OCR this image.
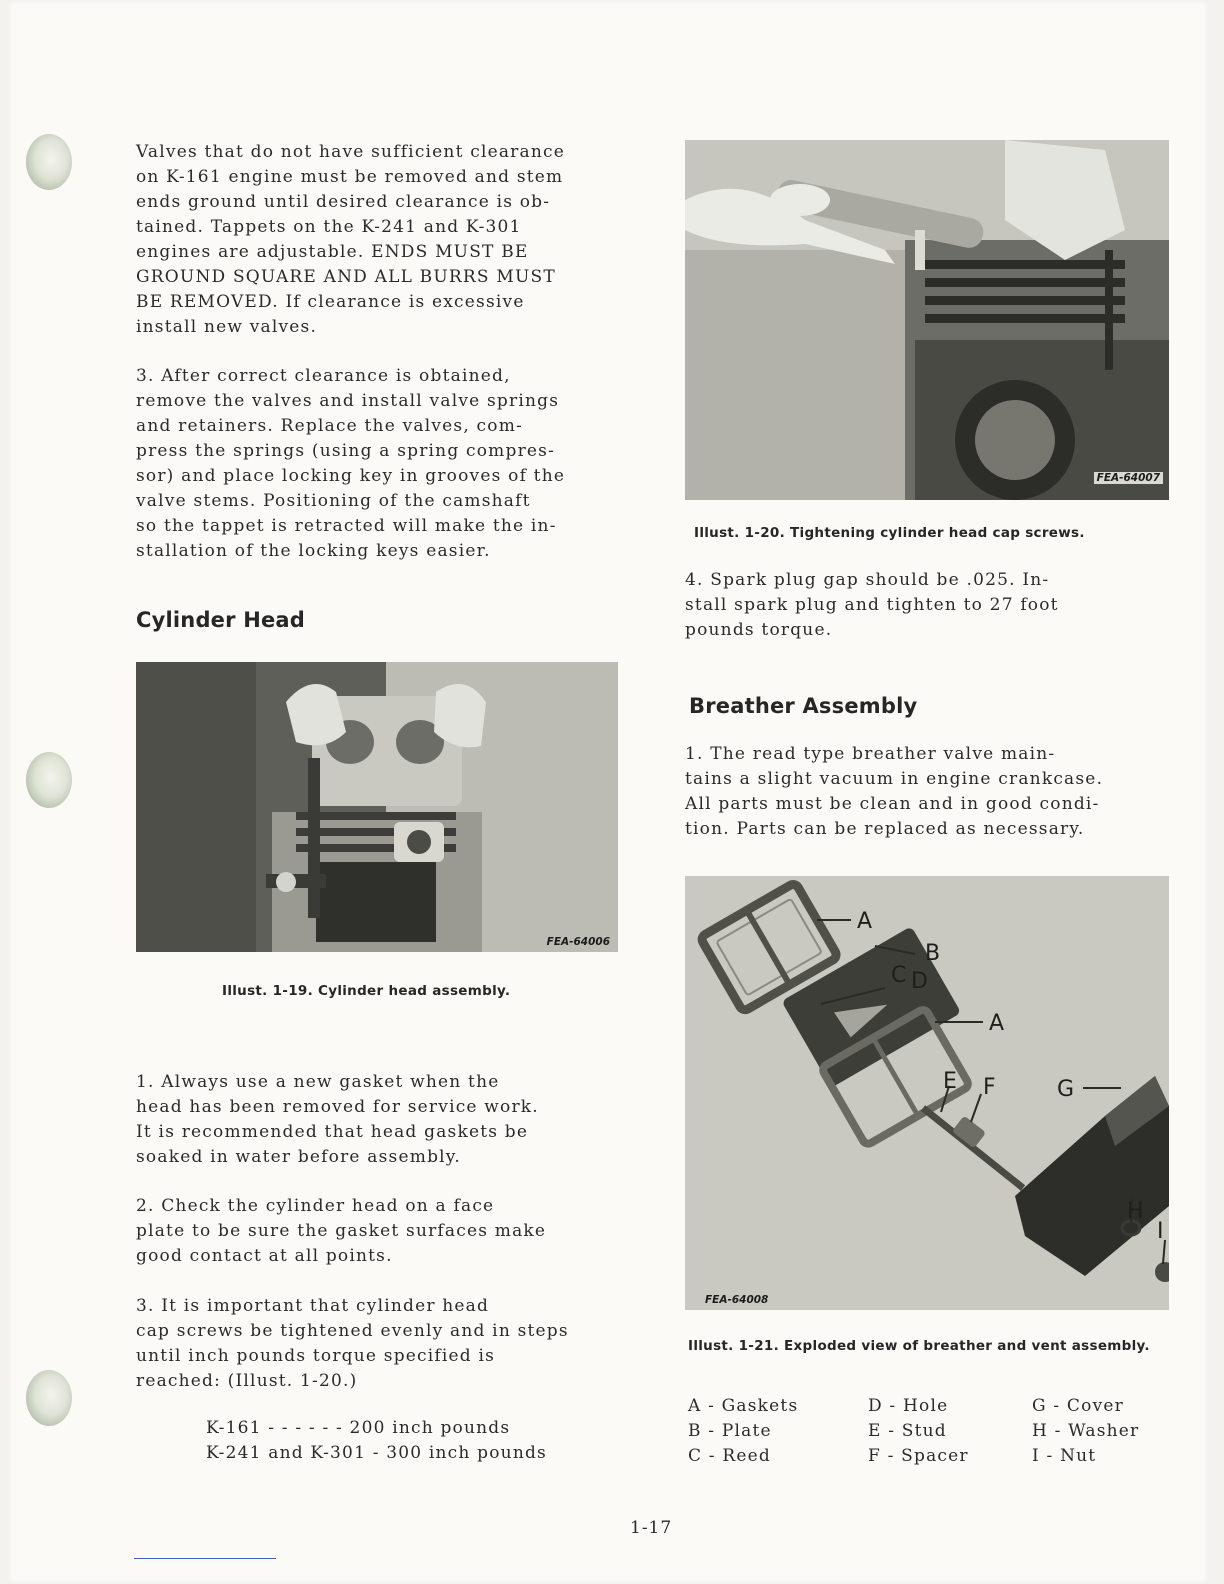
Valves that do not have sufficient clearance
on K-161 engine must be removed and stem
ends ground until desired clearance is ob-
tained. Tappets on the K-241 and K-301
engines are adjustable. ENDS MUST BE
GROUND SQUARE AND ALL BURRS MUST
BE REMOVED. If clearance is excessive
install new valves.

3. After correct clearance is obtained,
remove the valves and install valve springs
and retainers. Replace the valves, com-
press the springs (using a spring compres-
sor) and place locking key in grooves of the
valve stems. Positioning of the camshaft
so the tappet is retracted will make the in-
stallation of the locking keys easier.

Cylinder Head
FEA-64006

Illust. 1-19. Cylinder head assembly.

1. Always use a new gasket when the
head has been removed for service work.
It is recommended that head gaskets be
soaked in water before assembly.

2. Check the cylinder head on a face
plate to be sure the gasket surfaces make
good contact at all points.

3. It is important that cylinder head
cap screws be tightened evenly and in steps
until inch pounds torque specified is
reached: (Illust. 1-20.)

K-161 - - - - - - 200 inch pounds
K-241 and K-301 - 300 inch pounds
FEA-64007

Illust. 1-20. Tightening cylinder head cap screws.

4. Spark plug gap should be .025. In-
stall spark plug and tighten to 27 foot
pounds torque.

Breather Assembly

1. The read type breather valve main-
tains a slight vacuum in engine crankcase.
All parts must be clean and in good condi-
tion. Parts can be replaced as necessary.

A
B
C D
A
E F	G
H
I
FEA-64008

Illust. 1-21. Exploded view of breather and vent assembly.

A - Gaskets	D - Hole	G - Cover
B - Plate	E - Stud	H - Washer
C - Reed	F - Spacer	I - Nut
1-17
